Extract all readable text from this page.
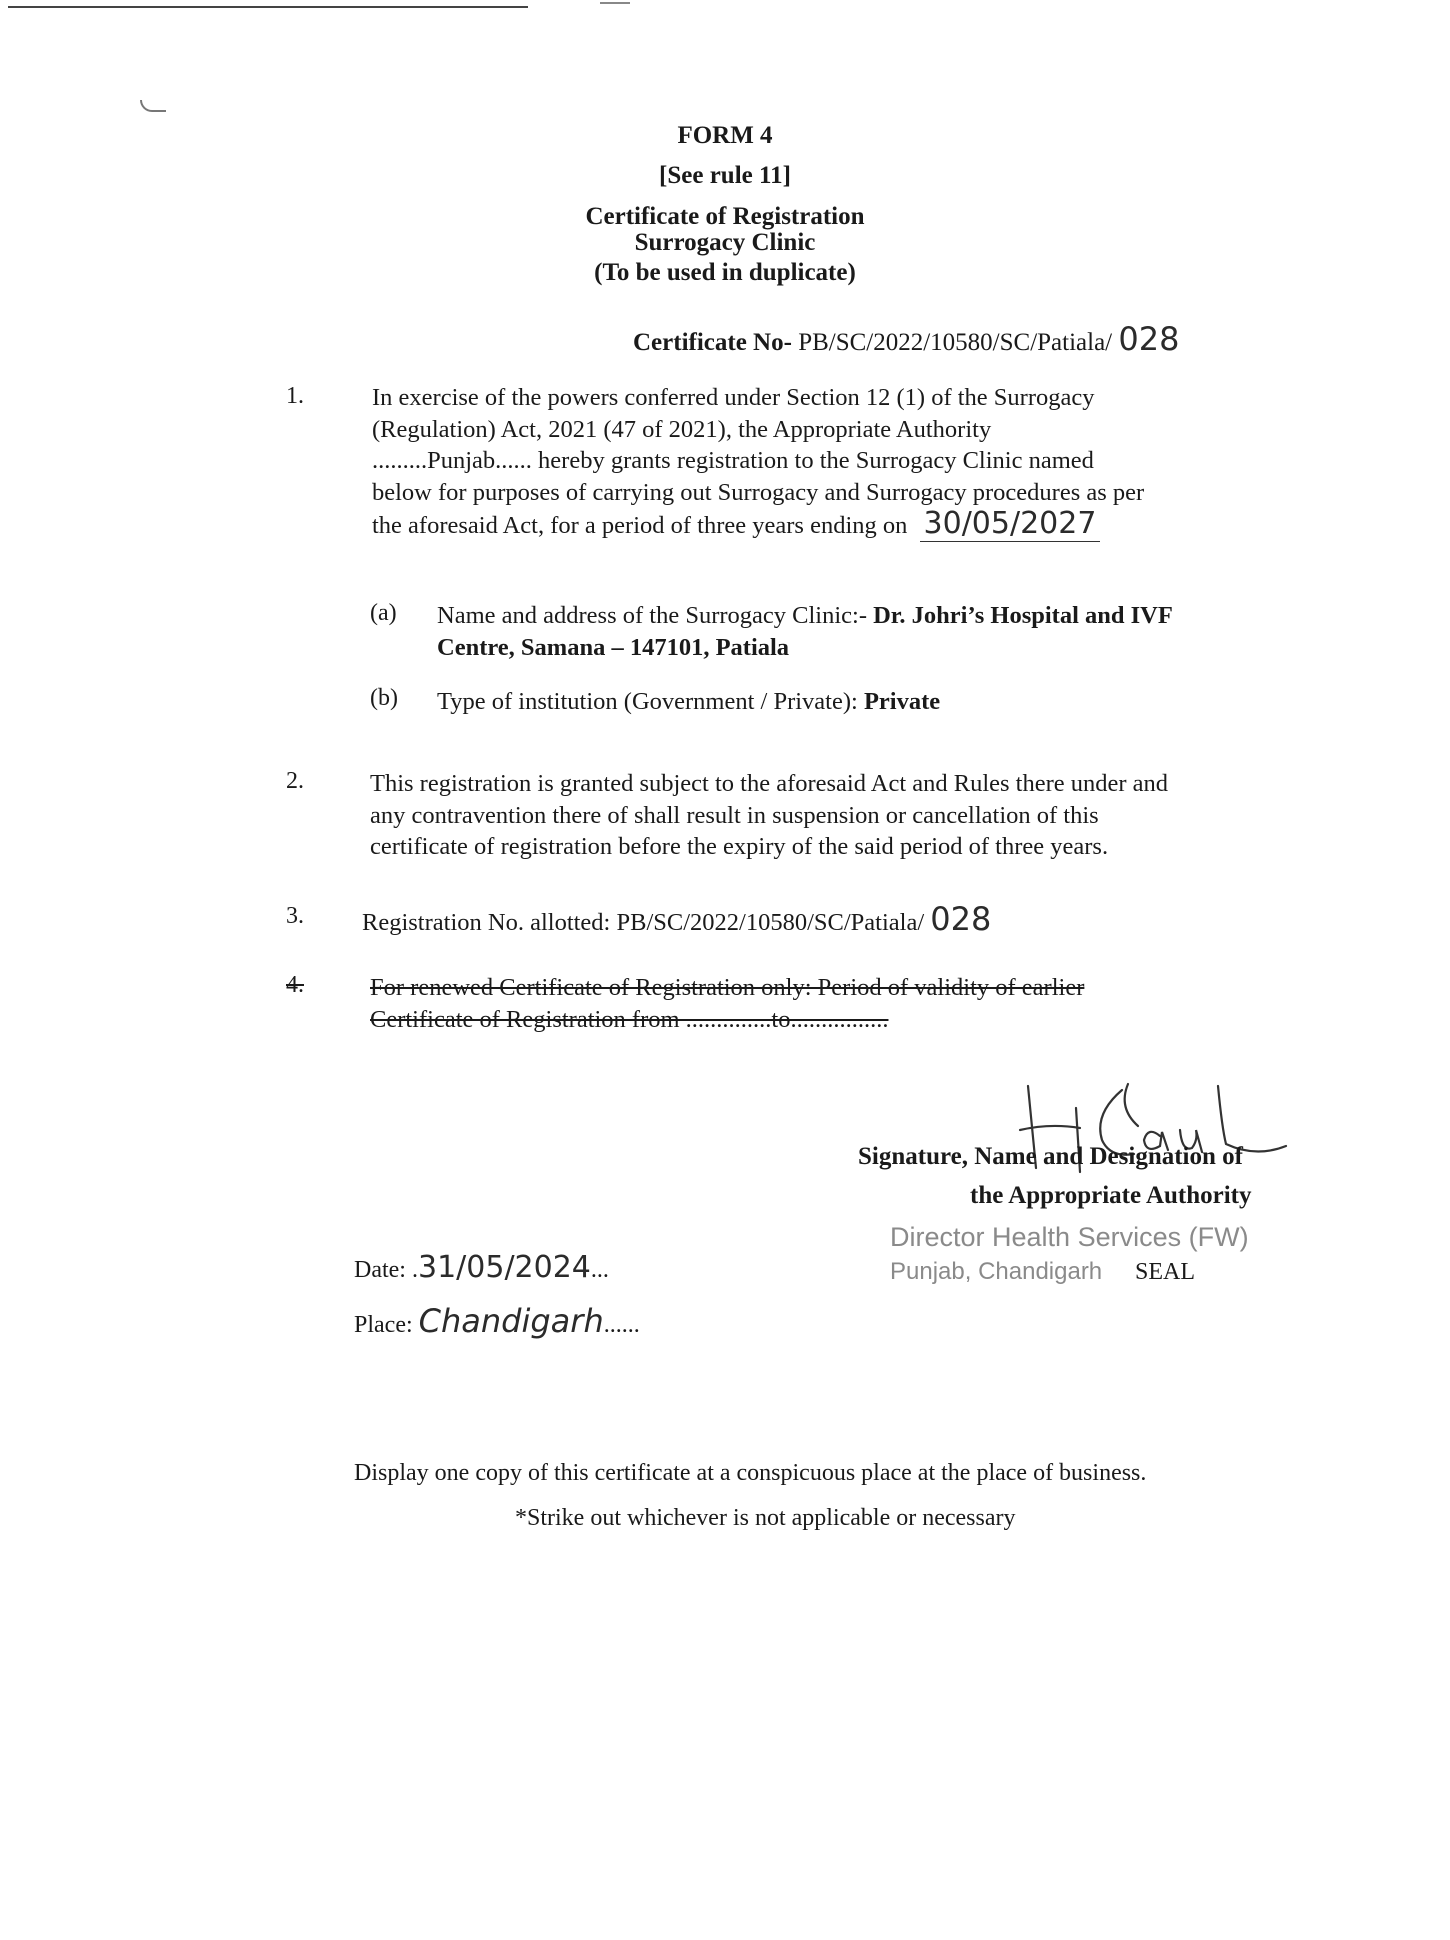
FORM 4
[See rule 11]
Certificate of Registration
Surrogacy Clinic
(To be used in duplicate)
Certificate No- PB/SC/2022/10580/SC/Patiala/ 028
1.	In exercise of the powers conferred under Section 12 (1) of the Surrogacy
(Regulation) Act, 2021 (47 of 2021), the Appropriate Authority
.........Punjab...... hereby grants registration to the Surrogacy Clinic named
below for purposes of carrying out Surrogacy and Surrogacy procedures as per
the aforesaid Act, for a period of three years ending on 30/05/2027
(a) Name and address of the Surrogacy Clinic:- Dr. Johri’s Hospital and IVF
Centre, Samana – 147101, Patiala
(b) Type of institution (Government / Private): Private
2.	This registration is granted subject to the aforesaid Act and Rules there under and
any contravention there of shall result in suspension or cancellation of this
certificate of registration before the expiry of the said period of three years.
3. Registration No. allotted: PB/SC/2022/10580/SC/Patiala/ 028
4.	For renewed Certificate of Registration only: Period of validity of earlier
Certificate of Registration from ..............to................
Signature, Name and Designation of
the Appropriate Authority
Director Health Services (FW)
Punjab, Chandigarh SEAL
Date: .31/05/2024...
Place: Chandigarh......
Display one copy of this certificate at a conspicuous place at the place of business.
*Strike out whichever is not applicable or necessary
